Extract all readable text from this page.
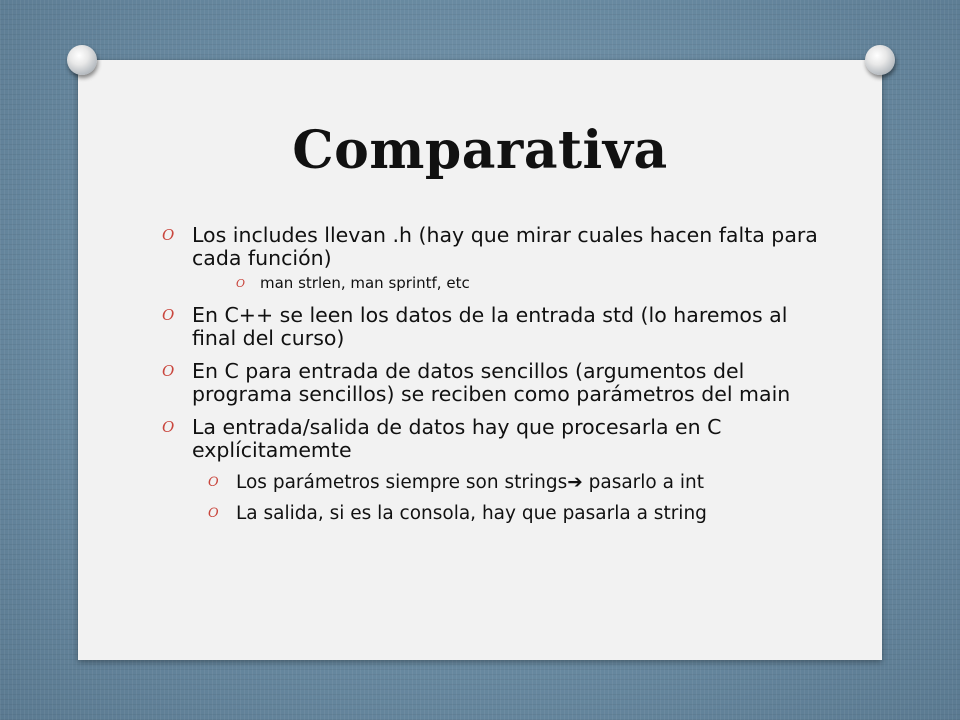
Comparativa
O Los includes llevan .h (hay que mirar cuales hacen falta para cada función)
O man strlen, man sprintf, etc
O En C++ se leen los datos de la entrada std (lo haremos al final del curso)
O En C para entrada de datos sencillos (argumentos del programa sencillos) se reciben como parámetros del main
O La entrada/salida de datos hay que procesarla en C explícitamemte
O Los parámetros siempre son strings➔ pasarlo a int
O La salida, si es la consola, hay que pasarla a string
